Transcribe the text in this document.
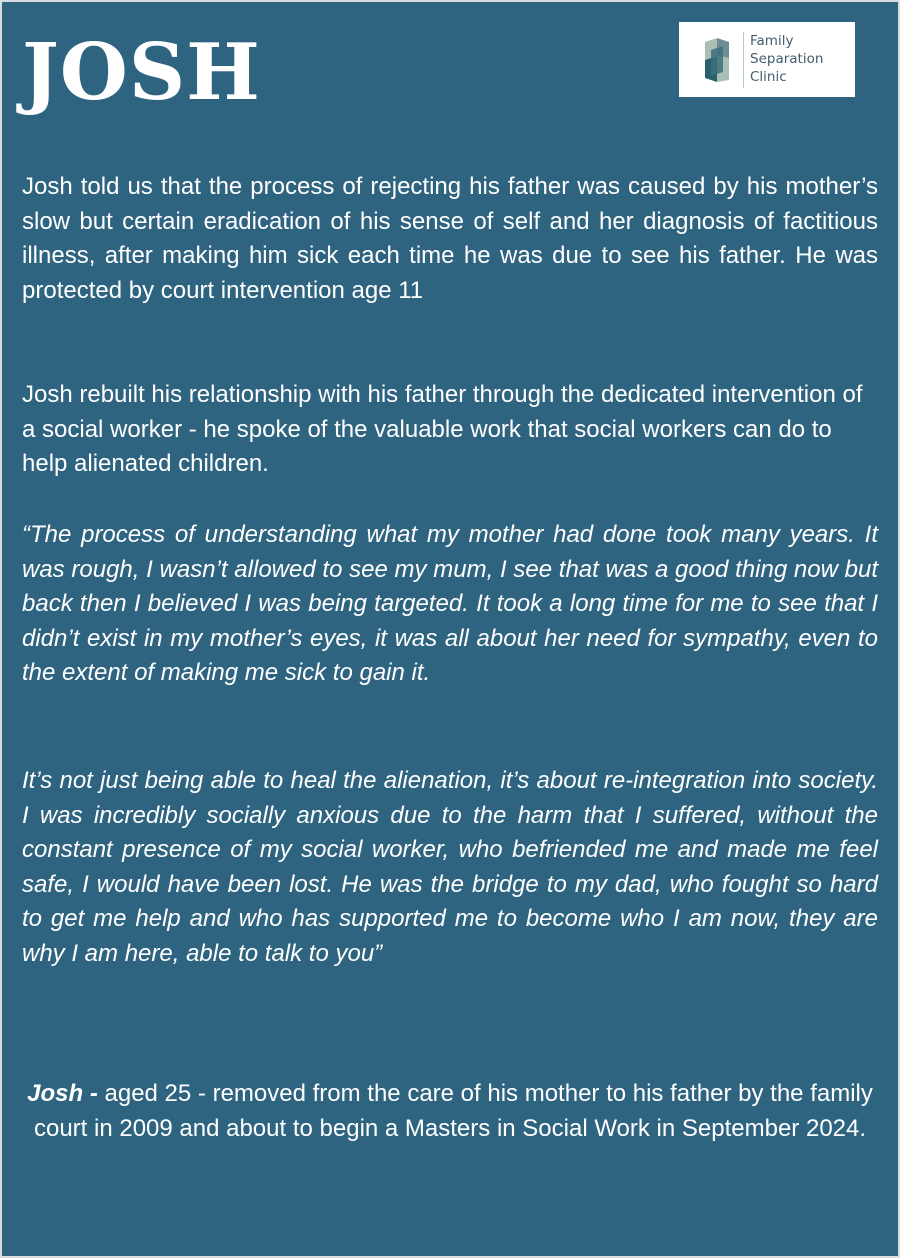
JOSH	Family
Separation
Clinic

Josh told us that the process of rejecting his father was caused by his mother’s slow but certain eradication of his sense of self and her diagnosis of factitious illness, after making him sick each time he was due to see his father. He was protected by court intervention age 11

Josh rebuilt his relationship with his father through the dedicated intervention of a social worker - he spoke of the valuable work that social workers can do to help alienated children.

“The process of understanding what my mother had done took many years. It was rough, I wasn’t allowed to see my mum, I see that was a good thing now but back then I believed I was being targeted. It took a long time for me to see that I didn’t exist in my mother’s eyes, it was all about her need for sympathy, even to the extent of making me sick to gain it.

It’s not just being able to heal the alienation, it’s about re-integration into society. I was incredibly socially anxious due to the harm that I suffered, without the constant presence of my social worker, who befriended me and made me feel safe, I would have been lost. He was the bridge to my dad, who fought so hard to get me help and who has supported me to become who I am now, they are why I am here, able to talk to you”

Josh - aged 25 - removed from the care of his mother to his father by the family court in 2009 and about to begin a Masters in Social Work in September 2024.
